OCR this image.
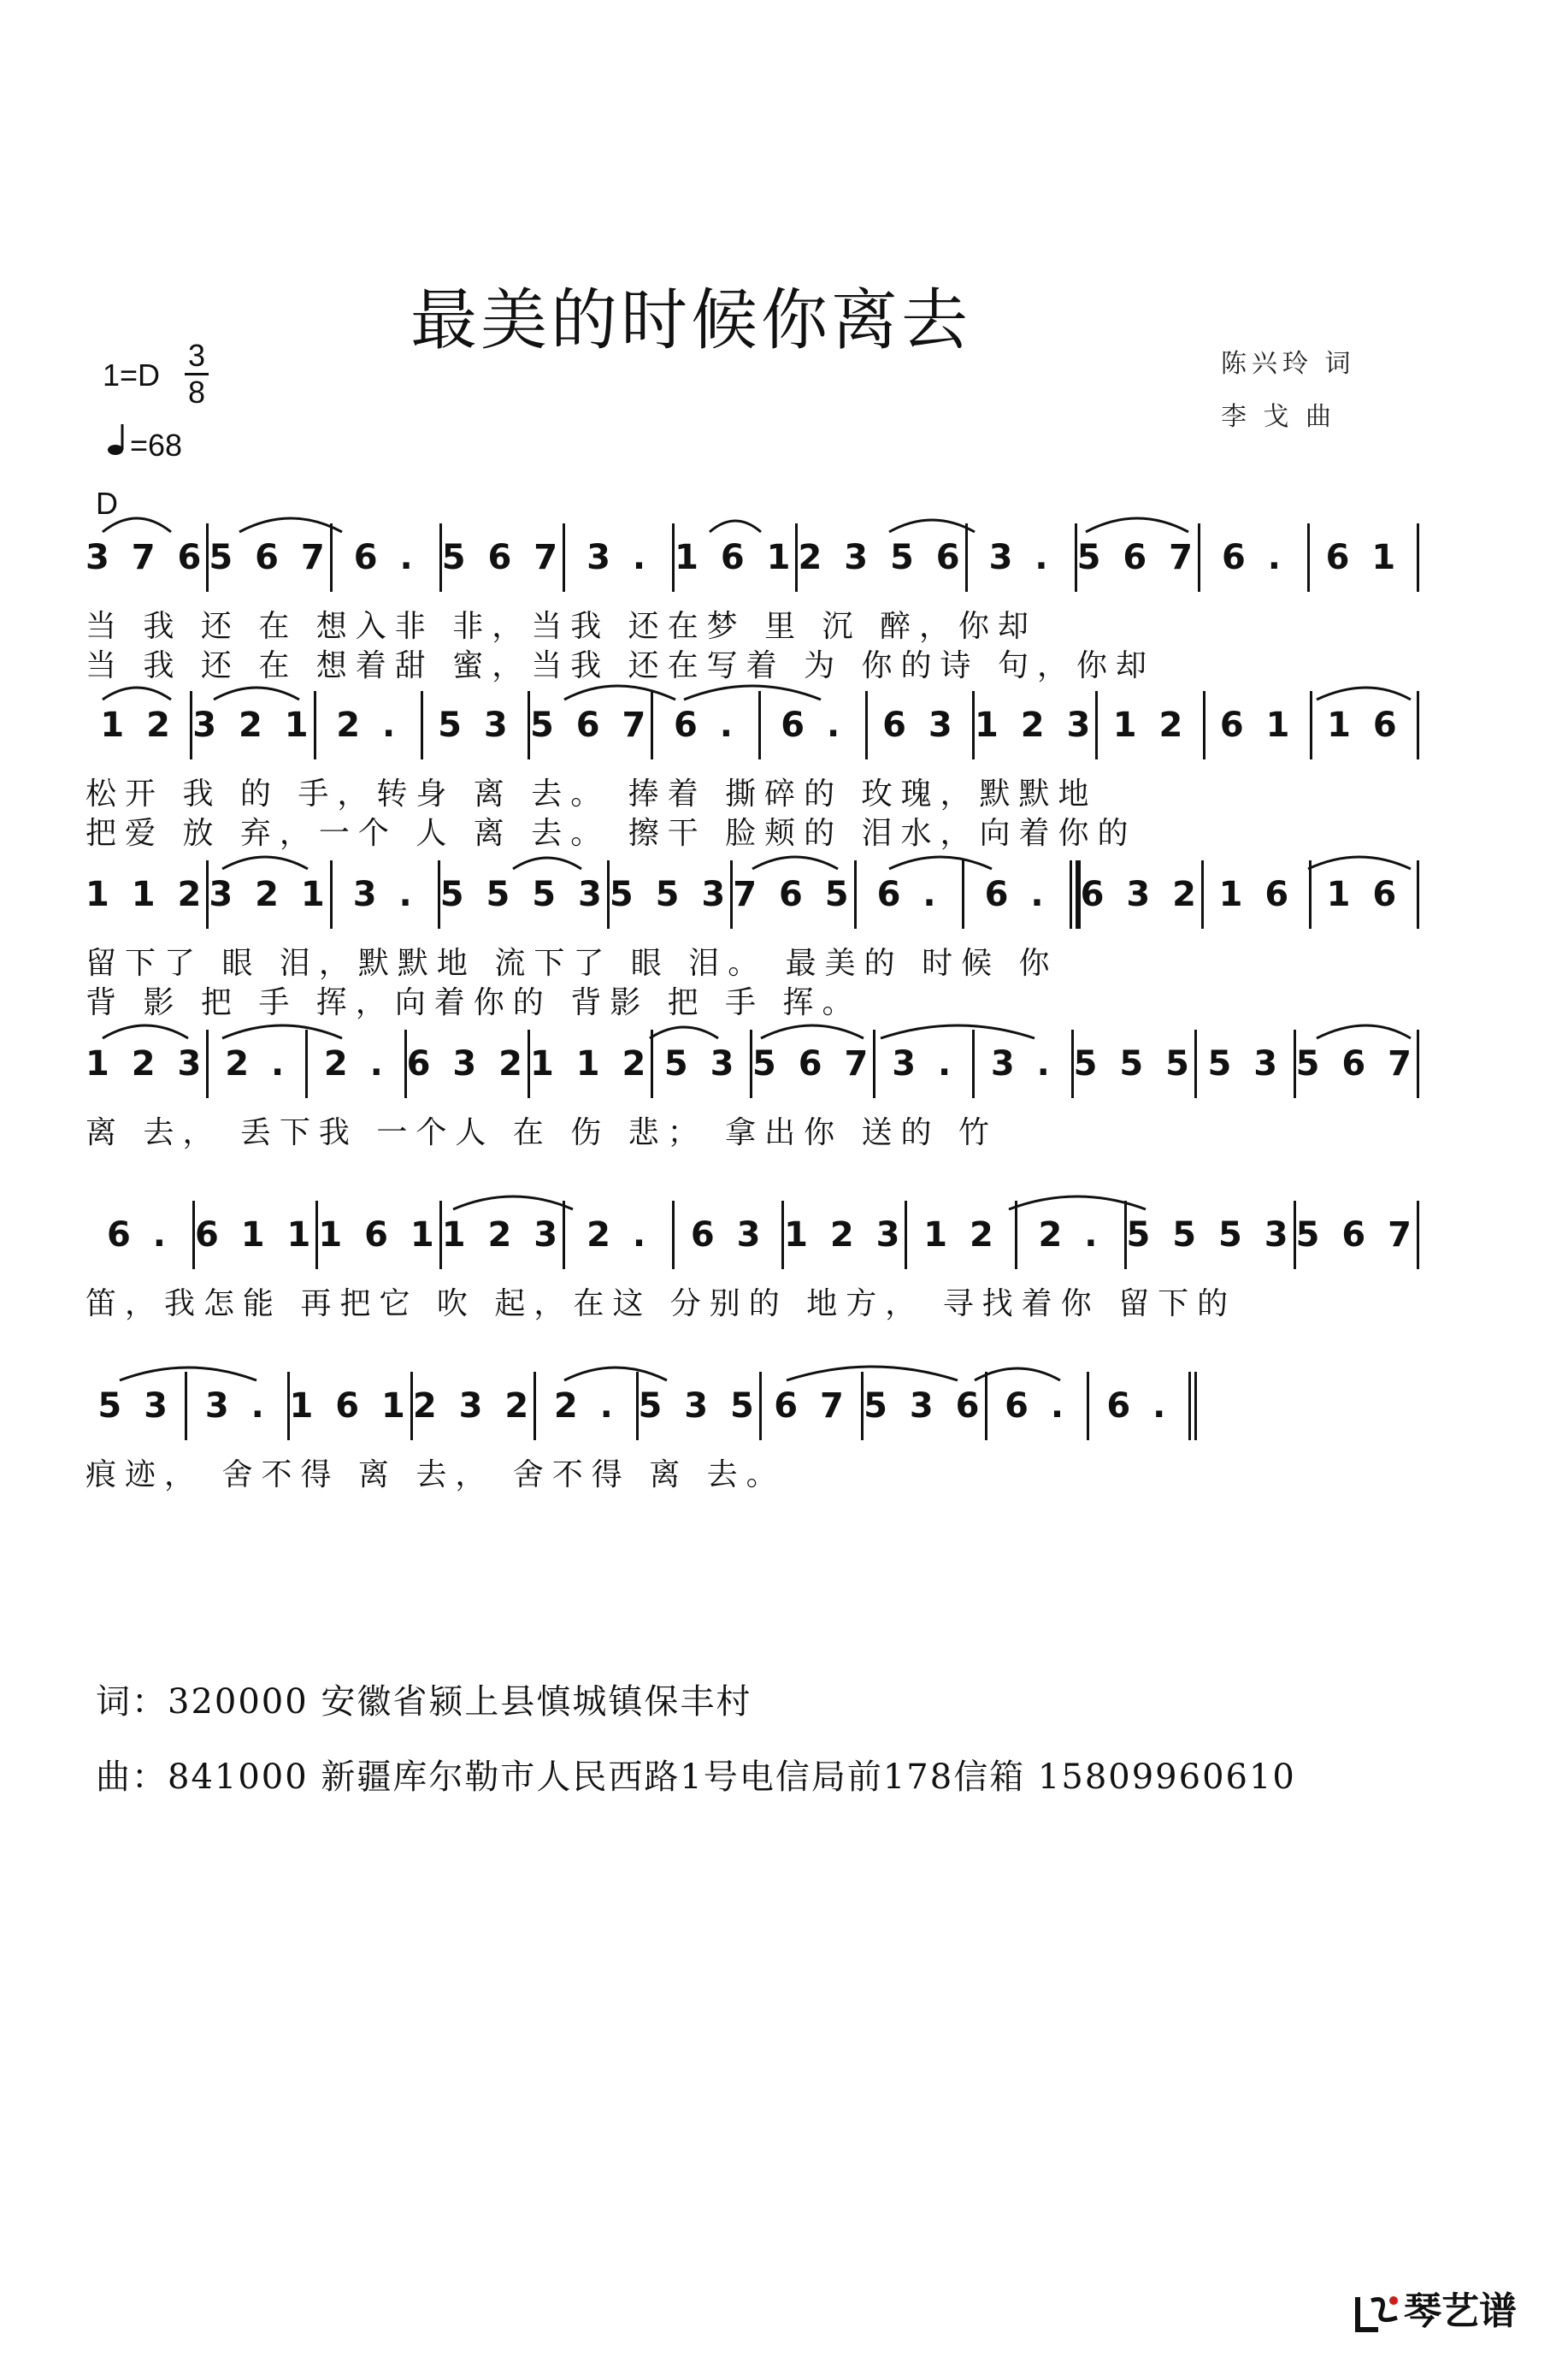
最美的时候你离去
陈兴玲 词
李 戈 曲
1=D
3
8
=68
D
3 7 6 5 6 7 6 . 5 6 7 3 . 1 6 1 2 3 5 6 3 . 5 6 7 6 .	6 1
当 我 还 在 想入非 非，当我 还在梦 里 沉 醉，你却
当 我 还 在 想着甜 蜜，当我 还在写着 为 你的诗 句，你却
1 2 3 2 1 2 .	5 3 5 6 7 6 .	6 .	6 3 1 2 3 1 2 6 1 1 6
松开 我 的 手，转身 离 去。 捧着 撕碎的 玫瑰，默默地
把爱 放 弃，一个 人 离 去。 擦干 脸颊的 泪水，向着你的
1 1 2 3 2 1 3 . 5 5 5 3 5 5 3 7 6 5 6 .	6 . 6 3 2 1 6 1 6
留下了 眼 泪，默默地 流下了 眼 泪。 最美的 时候 你
背 影 把 手 挥，向着你的 背影 把 手 挥。
1 2 3 2 .	2 . 6 3 2 1 1 2 5 3 5 6 7 3 .	3 . 5 5 5 5 3 5 6 7
离 去， 丢下我 一个人 在 伤 悲； 拿出你 送的 竹
6 . 6 1 1 1 6 1 1 2 3 2 .	6 3 1 2 3 1 2	2 . 5 5 5 3 5 6 7
笛，我怎能 再把它 吹 起，在这 分别的 地方， 寻找着你 留下的
5 3 3 . 1 6 1 2 3 2 2 . 5 3 5 6 7 5 3 6 6 .	6 .
痕迹， 舍不得 离 去， 舍不得 离 去。
词：320000 安徽省颍上县慎城镇保丰村
曲：841000 新疆库尔勒市人民西路1号电信局前178信箱 15809960610
琴艺谱
